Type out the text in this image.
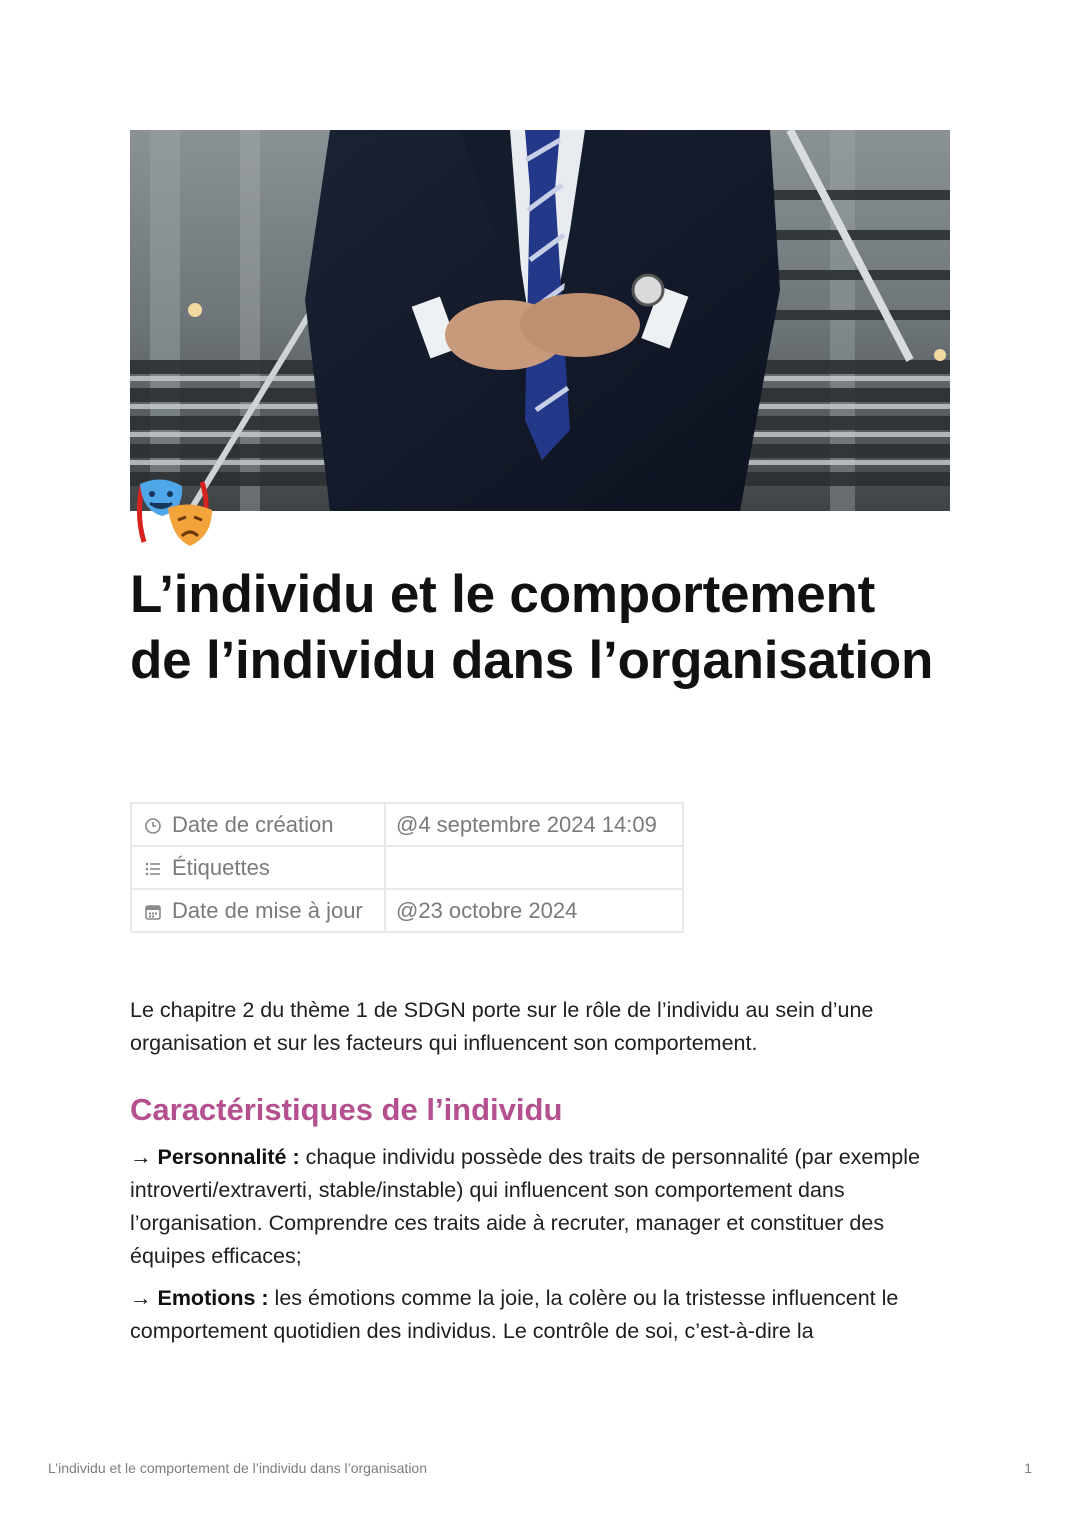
L’individu et le comportement de l’individu dans l’organisation
Date de création	@4 septembre 2024 14:09
Étiquettes	
Date de mise à jour	@23 octobre 2024

Le chapitre 2 du thème 1 de SDGN porte sur le rôle de l’individu au sein d’une organisation et sur les facteurs qui influencent son comportement.

Caractéristiques de l’individu

→ Personnalité : chaque individu possède des traits de personnalité (par exemple introverti/extraverti, stable/instable) qui influencent son comportement dans l’organisation. Comprendre ces traits aide à recruter, manager et constituer des équipes efficaces;

→ Emotions : les émotions comme la joie, la colère ou la tristesse influencent le comportement quotidien des individus. Le contrôle de soi, c’est-à-dire la

L’individu et le comportement de l’individu dans l’organisation	1
